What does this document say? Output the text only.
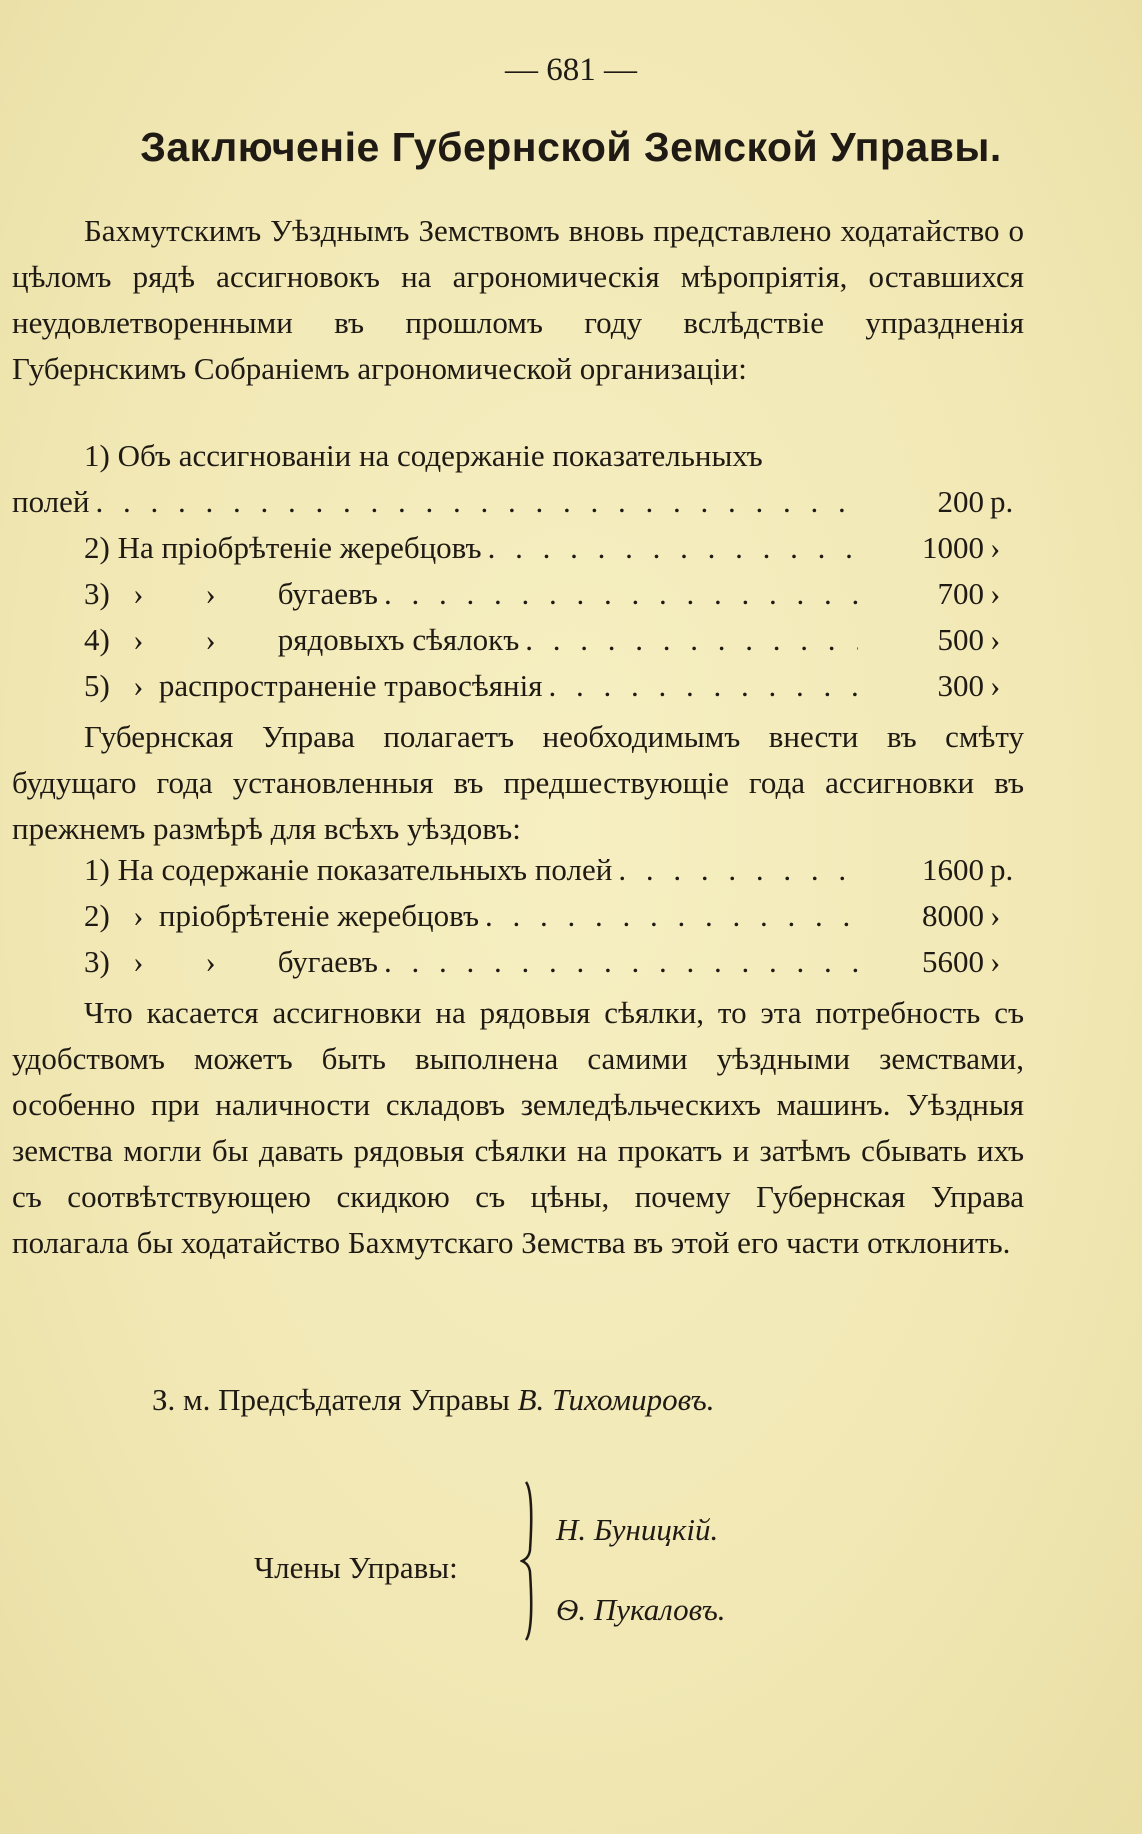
— 681 —
Заключенiе Губернской Земской Управы.

Бахмутскимъ Уѣзднымъ Земствомъ вновь представлено ходатайство о цѣломъ рядѣ ассигновокъ на агрономическiя мѣропрiятiя, оставшихся неудовлетворенными въ прошломъ году вслѣдствiе упраздненiя Губернскимъ Собранiемъ агрономической организацiи:

1) Объ ассигнованiи на содержанiе показательныхъ
полей . . .	200 р.
2) На прiобрѣтенiе жеребцовъ . . .	1000 ›
3)   ›        ›        бугаевъ . . .	700 ›
4)   ›        ›        рядовыхъ сѣялокъ . . .	500 ›
5)   ›  распространенiе травосѣянiя . . .	300 ›

Губернская Управа полагаетъ необходимымъ внести въ смѣту будущаго года установленныя въ предшествующiе года ассигновки въ прежнемъ размѣрѣ для всѣхъ уѣздовъ:

1) На содержанiе показательныхъ полей . . .	1600 р.
2)   ›  прiобрѣтенiе жеребцовъ . . .	8000 ›
3)   ›        ›        бугаевъ . . .	5600 ›

Что касается ассигновки на рядовыя сѣялки, то эта потребность съ удобствомъ можетъ быть выполнена самими уѣздными земствами, особенно при наличности складовъ земледѣльческихъ машинъ. Уѣздныя земства могли бы давать рядовыя сѣялки на прокатъ и затѣмъ сбывать ихъ съ соотвѣтствующею скидкою съ цѣны, почему Губернская Управа полагала бы ходатайство Бахмутскаго Земства въ этой его части отклонить.

З. м. Предсѣдателя Управы В. Тихомировъ.
Члены Управы:
Н. Буницкiй.
Ѳ. Пукаловъ.
